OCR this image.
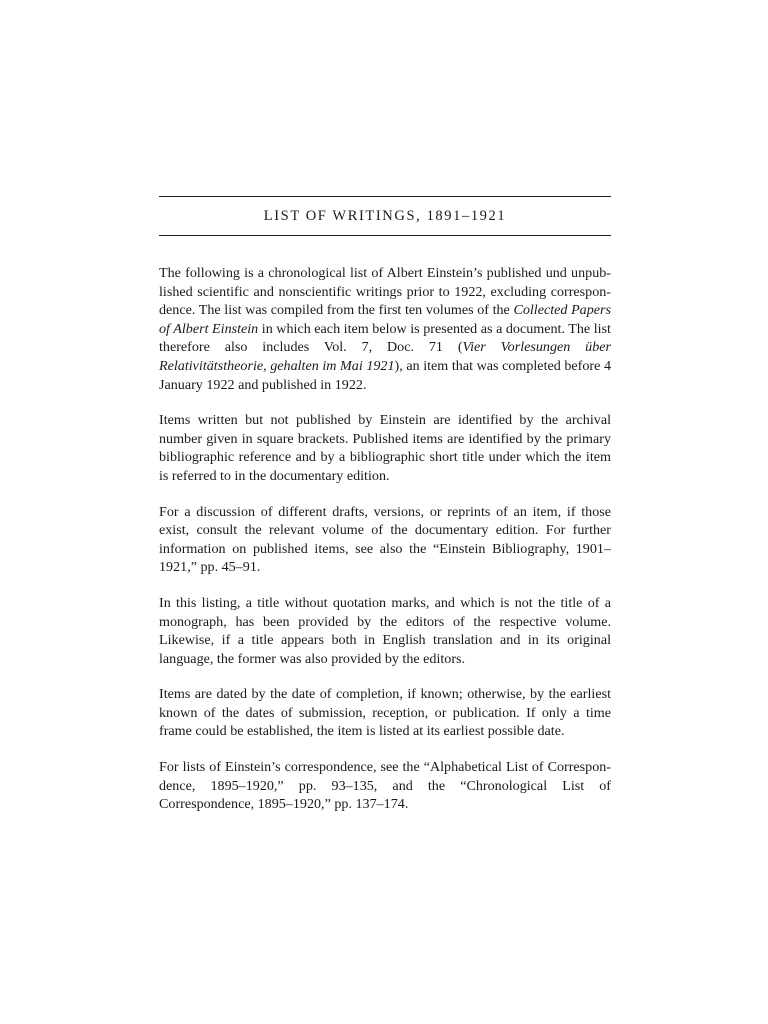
LIST OF WRITINGS, 1891–1921

The following is a chronological list of Albert Einstein’s published und unpublished scientific and nonscientific writings prior to 1922, excluding correspondence. The list was compiled from the first ten volumes of the Collected Papers of Albert Einstein in which each item below is presented as a document. The list therefore also includes Vol. 7, Doc. 71 (Vier Vorlesungen über Relativitätstheorie, gehalten im Mai 1921), an item that was completed before 4 January 1922 and published in 1922.

Items written but not published by Einstein are identified by the archival number given in square brackets. Published items are identified by the primary bibliographic reference and by a bibliographic short title under which the item is referred to in the documentary edition.

For a discussion of different drafts, versions, or reprints of an item, if those exist, consult the relevant volume of the documentary edition. For further information on published items, see also the “Einstein Bibliography, 1901–1921,” pp. 45–91.

In this listing, a title without quotation marks, and which is not the title of a monograph, has been provided by the editors of the respective volume. Likewise, if a title appears both in English translation and in its original language, the former was also provided by the editors.

Items are dated by the date of completion, if known; otherwise, by the earliest known of the dates of submission, reception, or publication. If only a time frame could be established, the item is listed at its earliest possible date.

For lists of Einstein’s correspondence, see the “Alphabetical List of Correspondence, 1895–1920,” pp. 93–135, and the “Chronological List of Correspondence, 1895–1920,” pp. 137–174.
